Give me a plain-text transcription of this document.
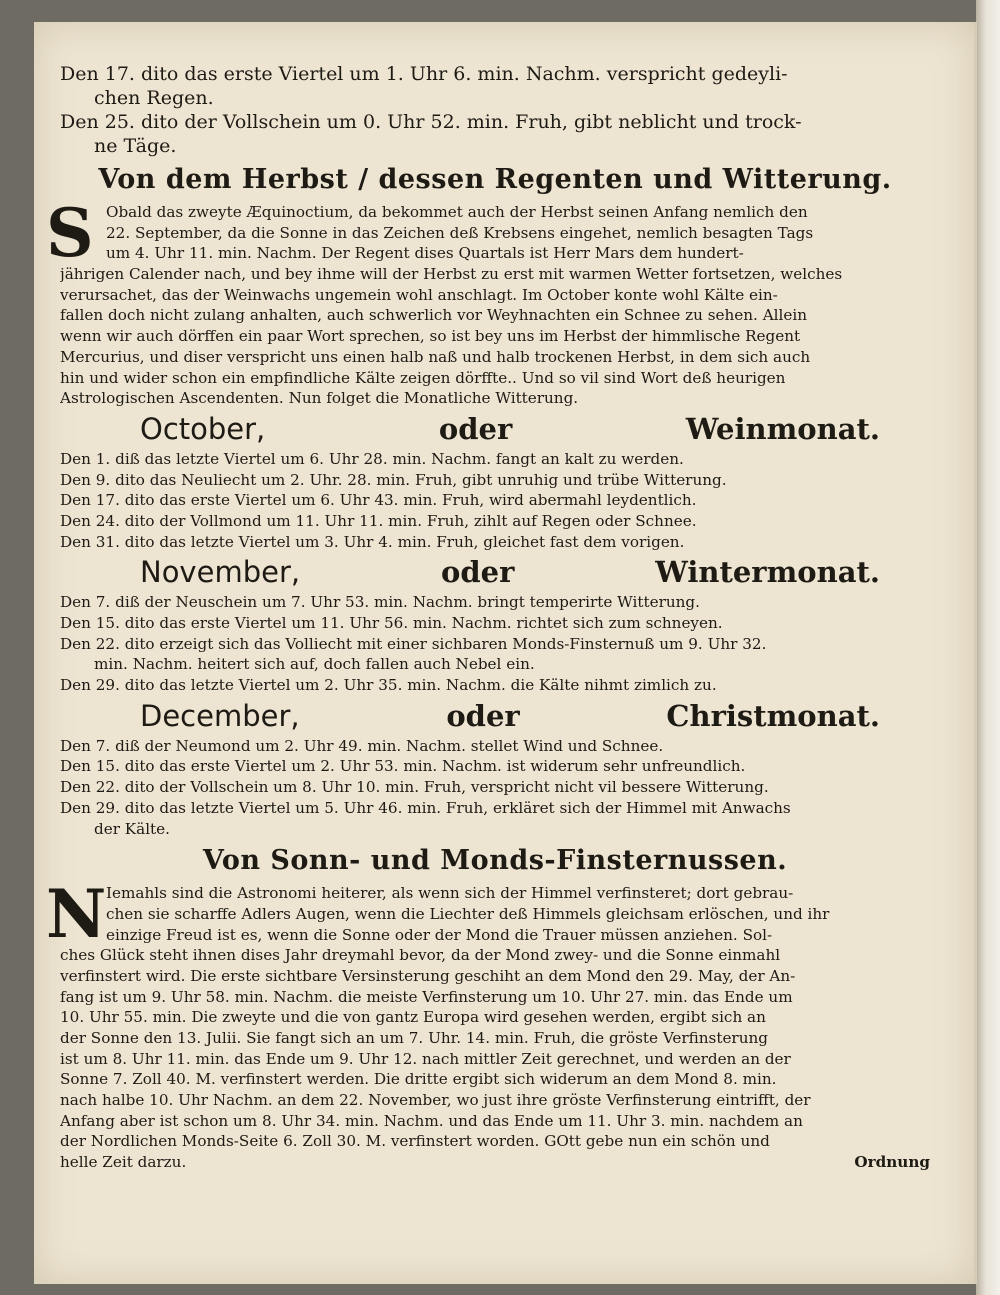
Den 17. dito das erste Viertel um 1. Uhr 6. min. Nachm. verspricht gedeyli-
chen Regen.
Den 25. dito der Vollschein um 0. Uhr 52. min. Fruh, gibt neblicht und trock-
ne Täge.
Von dem Herbst / dessen Regenten und Witterung.
S Obald das zweyte Æquinoctium, da bekommet auch der Herbst seinen Anfang nemlich den
22. September, da die Sonne in das Zeichen deß Krebsens eingehet, nemlich besagten Tags
um 4. Uhr 11. min. Nachm. Der Regent dises Quartals ist Herr Mars dem hundert-
jährigen Calender nach, und bey ihme will der Herbst zu erst mit warmen Wetter fortsetzen, welches
verursachet, das der Weinwachs ungemein wohl anschlagt. Im October konte wohl Kälte ein-
fallen doch nicht zulang anhalten, auch schwerlich vor Weyhnachten ein Schnee zu sehen. Allein
wenn wir auch dörffen ein paar Wort sprechen, so ist bey uns im Herbst der himmlische Regent
Mercurius, und diser verspricht uns einen halb naß und halb trockenen Herbst, in dem sich auch
hin und wider schon ein empfindliche Kälte zeigen dörffte.. Und so vil sind Wort deß heurigen
Astrologischen Ascendenten. Nun folget die Monatliche Witterung.
October,	oder	Weinmonat.
Den 1. diß das letzte Viertel um 6. Uhr 28. min. Nachm. fangt an kalt zu werden.
Den 9. dito das Neuliecht um 2. Uhr. 28. min. Fruh, gibt unruhig und trübe Witterung.
Den 17. dito das erste Viertel um 6. Uhr 43. min. Fruh, wird abermahl leydentlich.
Den 24. dito der Vollmond um 11. Uhr 11. min. Fruh, zihlt auf Regen oder Schnee.
Den 31. dito das letzte Viertel um 3. Uhr 4. min. Fruh, gleichet fast dem vorigen.
November,	oder	Wintermonat.
Den 7. diß der Neuschein um 7. Uhr 53. min. Nachm. bringt temperirte Witterung.
Den 15. dito das erste Viertel um 11. Uhr 56. min. Nachm. richtet sich zum schneyen.
Den 22. dito erzeigt sich das Volliecht mit einer sichbaren Monds-Finsternuß um 9. Uhr 32.
min. Nachm. heitert sich auf, doch fallen auch Nebel ein.
Den 29. dito das letzte Viertel um 2. Uhr 35. min. Nachm. die Kälte nihmt zimlich zu.
December,	oder	Christmonat.
Den 7. diß der Neumond um 2. Uhr 49. min. Nachm. stellet Wind und Schnee.
Den 15. dito das erste Viertel um 2. Uhr 53. min. Nachm. ist widerum sehr unfreundlich.
Den 22. dito der Vollschein um 8. Uhr 10. min. Fruh, verspricht nicht vil bessere Witterung.
Den 29. dito das letzte Viertel um 5. Uhr 46. min. Fruh, erkläret sich der Himmel mit Anwachs
der Kälte.
Von Sonn- und Monds-Finsternussen.
N Iemahls sind die Astronomi heiterer, als wenn sich der Himmel verfinsteret; dort gebrau-
chen sie scharffe Adlers Augen, wenn die Liechter deß Himmels gleichsam erlöschen, und ihr
einzige Freud ist es, wenn die Sonne oder der Mond die Trauer müssen anziehen. Sol-
ches Glück steht ihnen dises Jahr dreymahl bevor, da der Mond zwey- und die Sonne einmahl
verfinstert wird. Die erste sichtbare Versinsterung geschiht an dem Mond den 29. May, der An-
fang ist um 9. Uhr 58. min. Nachm. die meiste Verfinsterung um 10. Uhr 27. min. das Ende um
10. Uhr 55. min. Die zweyte und die von gantz Europa wird gesehen werden, ergibt sich an
der Sonne den 13. Julii. Sie fangt sich an um 7. Uhr. 14. min. Fruh, die gröste Verfinsterung
ist um 8. Uhr 11. min. das Ende um 9. Uhr 12. nach mittler Zeit gerechnet, und werden an der
Sonne 7. Zoll 40. M. verfinstert werden. Die dritte ergibt sich widerum an dem Mond 8. min.
nach halbe 10. Uhr Nachm. an dem 22. November, wo just ihre gröste Verfinsterung eintrifft, der
Anfang aber ist schon um 8. Uhr 34. min. Nachm. und das Ende um 11. Uhr 3. min. nachdem an
der Nordlichen Monds-Seite 6. Zoll 30. M. verfinstert worden. GOtt gebe nun ein schön und
helle Zeit darzu.	Ordnung
